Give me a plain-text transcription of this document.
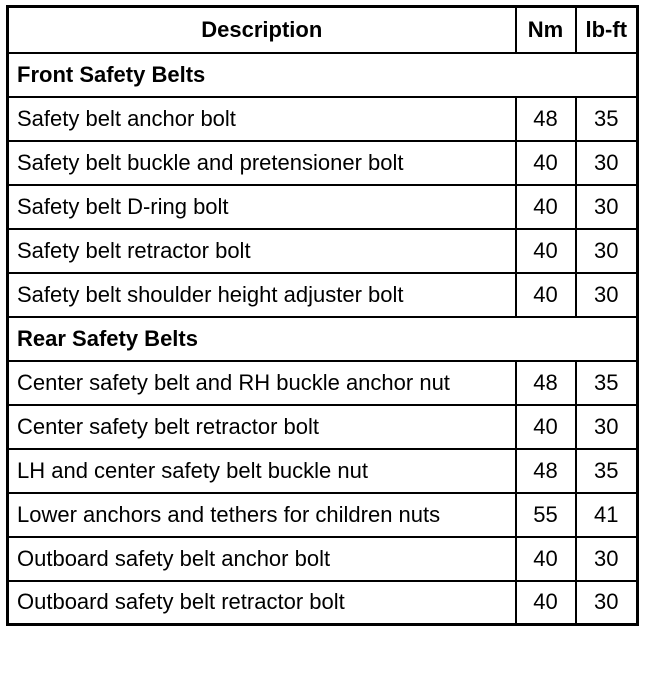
Description	Nm	lb-ft
Front Safety Belts		
Safety belt anchor bolt	48	35
Safety belt buckle and pretensioner bolt	40	30
Safety belt D-ring bolt	40	30
Safety belt retractor bolt	40	30
Safety belt shoulder height adjuster bolt	40	30
Rear Safety Belts		
Center safety belt and RH buckle anchor nut	48	35
Center safety belt retractor bolt	40	30
LH and center safety belt buckle nut	48	35
Lower anchors and tethers for children nuts	55	41
Outboard safety belt anchor bolt	40	30
Outboard safety belt retractor bolt	40	30
